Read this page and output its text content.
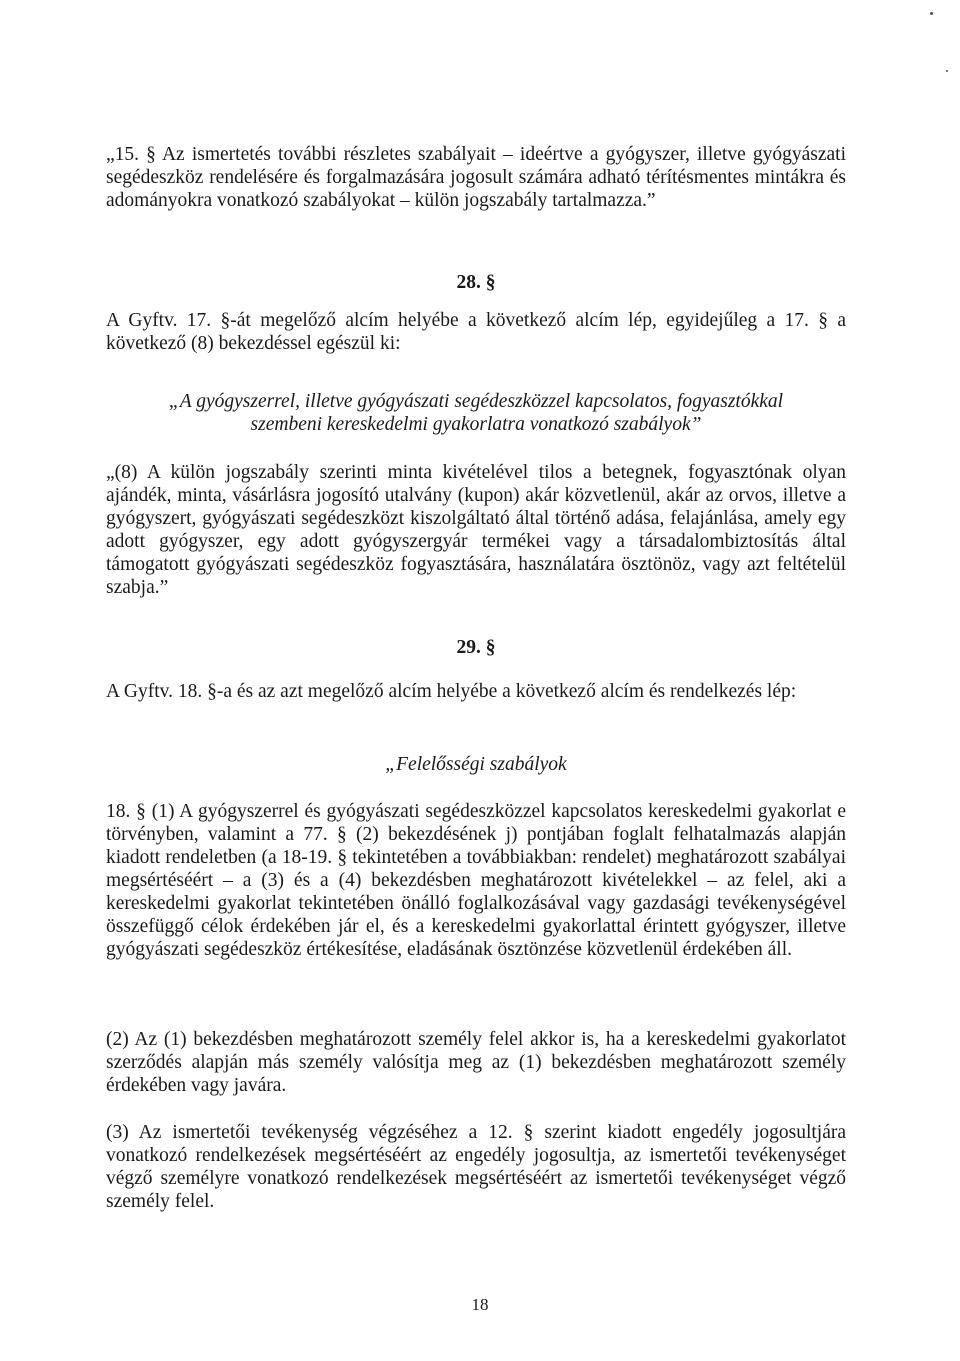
„15. § Az ismertetés további részletes szabályait – ideértve a gyógyszer, illetve gyógyászati segédeszköz rendelésére és forgalmazására jogosult számára adható térítésmentes mintákra és adományokra vonatkozó szabályokat – külön jogszabály tartalmazza.”

28. §

A Gyftv. 17. §-át megelőző alcím helyébe a következő alcím lép, egyidejűleg a 17. § a következő (8) bekezdéssel egészül ki:

„A gyógyszerrel, illetve gyógyászati segédeszközzel kapcsolatos, fogyasztókkal
szembeni kereskedelmi gyakorlatra vonatkozó szabályok”

„(8) A külön jogszabály szerinti minta kivételével tilos a betegnek, fogyasztónak olyan ajándék, minta, vásárlásra jogosító utalvány (kupon) akár közvetlenül, akár az orvos, illetve a gyógyszert, gyógyászati segédeszközt kiszolgáltató által történő adása, felajánlása, amely egy adott gyógyszer, egy adott gyógyszergyár termékei vagy a társadalombiztosítás által támogatott gyógyászati segédeszköz fogyasztására, használatára ösztönöz, vagy azt feltételül szabja.”

29. §

A Gyftv. 18. §-a és az azt megelőző alcím helyébe a következő alcím és rendelkezés lép:

„Felelősségi szabályok

18. § (1) A gyógyszerrel és gyógyászati segédeszközzel kapcsolatos kereskedelmi gyakorlat e törvényben, valamint a 77. § (2) bekezdésének j) pontjában foglalt felhatalmazás alapján kiadott rendeletben (a 18-19. § tekintetében a továbbiakban: rendelet) meghatározott szabályai megsértéséért – a (3) és a (4) bekezdésben meghatározott kivételekkel – az felel, aki a kereskedelmi gyakorlat tekintetében önálló foglalkozásával vagy gazdasági tevékenységével összefüggő célok érdekében jár el, és a kereskedelmi gyakorlattal érintett gyógyszer, illetve gyógyászati segédeszköz értékesítése, eladásának ösztönzése közvetlenül érdekében áll.

(2) Az (1) bekezdésben meghatározott személy felel akkor is, ha a kereskedelmi gyakorlatot szerződés alapján más személy valósítja meg az (1) bekezdésben meghatározott személy érdekében vagy javára.

(3) Az ismertetői tevékenység végzéséhez a 12. § szerint kiadott engedély jogosultjára vonatkozó rendelkezések megsértéséért az engedély jogosultja, az ismertetői tevékenységet végző személyre vonatkozó rendelkezések megsértéséért az ismertetői tevékenységet végző személy felel.

18
